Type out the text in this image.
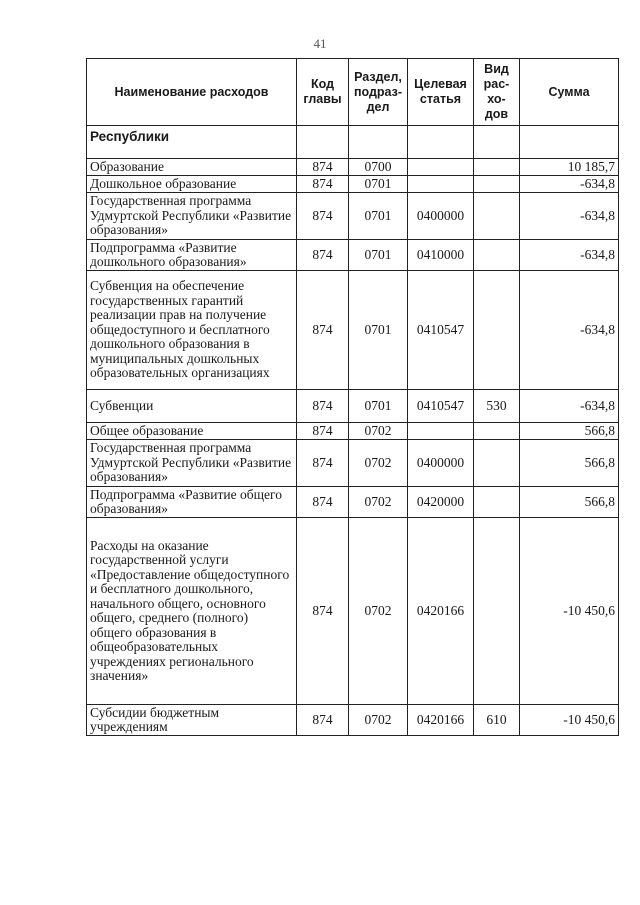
41
Наименование расходов	Код главы	Раздел, подраз-дел	Целевая статья	Вид рас-хо-дов	Сумма
Республики					
Образование	874	0700			10 185,7
Дошкольное образование	874	0701			-634,8
Государственная программа Удмуртской Республики «Развитие образования»	874	0701	0400000		-634,8
Подпрограмма «Развитие дошкольного образования»	874	0701	0410000		-634,8
Субвенция на обеспечение государственных гарантий реализации прав на получение общедоступного и бесплатного дошкольного образования в муниципальных дошкольных образовательных организациях	874	0701	0410547		-634,8
Субвенции	874	0701	0410547	530	-634,8
Общее образование	874	0702			566,8
Государственная программа Удмуртской Республики «Развитие образования»	874	0702	0400000		566,8
Подпрограмма «Развитие общего образования»	874	0702	0420000		566,8
Расходы на оказание государственной услуги «Предоставление общедоступного и бесплатного дошкольного, начального общего, основного общего, среднего (полного) общего образования в общеобразовательных учреждениях регионального значения»	874	0702	0420166		-10 450,6
Субсидии бюджетным учреждениям	874	0702	0420166	610	-10 450,6
